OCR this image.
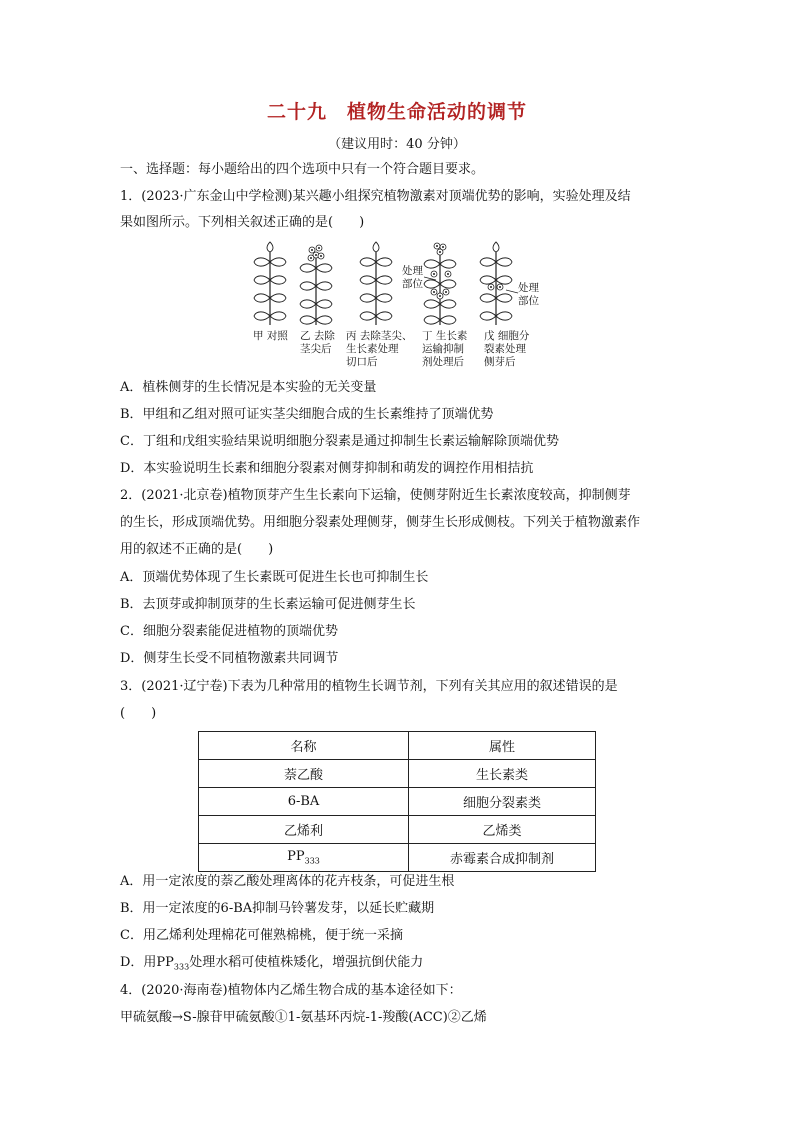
二十九　植物生命活动的调节
（建议用时：40 分钟）
一、选择题：每小题给出的四个选项中只有一个符合题目要求。
1．(2023·广东金山中学检测)某兴趣小组探究植物激素对顶端优势的影响，实验处理及结
果如图所示。下列相关叙述正确的是(　　)
处理
部位	处理
部位
甲 对照 乙 去除
茎尖后
丙 去除茎尖、
生长素处理
切口后
丁 生长素
运输抑制
剂处理后
戊 细胞分
裂素处理
侧芽后
A．植株侧芽的生长情况是本实验的无关变量
B．甲组和乙组对照可证实茎尖细胞合成的生长素维持了顶端优势
C．丁组和戊组实验结果说明细胞分裂素是通过抑制生长素运输解除顶端优势
D．本实验说明生长素和细胞分裂素对侧芽抑制和萌发的调控作用相拮抗
2．(2021·北京卷)植物顶芽产生生长素向下运输，使侧芽附近生长素浓度较高，抑制侧芽
的生长，形成顶端优势。用细胞分裂素处理侧芽，侧芽生长形成侧枝。下列关于植物激素作
用的叙述不正确的是(　　)
A．顶端优势体现了生长素既可促进生长也可抑制生长
B．去顶芽或抑制顶芽的生长素运输可促进侧芽生长
C．细胞分裂素能促进植物的顶端优势
D．侧芽生长受不同植物激素共同调节
3．(2021·辽宁卷)下表为几种常用的植物生长调节剂，下列有关其应用的叙述错误的是
(　　)
名称	属性
萘乙酸	生长素类
6-BA	细胞分裂素类
乙烯利	乙烯类
$PP_{333}$	赤霉素合成抑制剂
A．用一定浓度的萘乙酸处理离体的花卉枝条，可促进生根
B．用一定浓度的6-BA抑制马铃薯发芽，以延长贮藏期
C．用乙烯利处理棉花可催熟棉桃，便于统一采摘
D．用$PP_{333}$处理水稻可使植株矮化，增强抗倒伏能力
4．(2020·海南卷)植物体内乙烯生物合成的基本途径如下：
甲硫氨酸→S-腺苷甲硫氨酸①1-氨基环丙烷-1-羧酸(ACC)②乙烯
